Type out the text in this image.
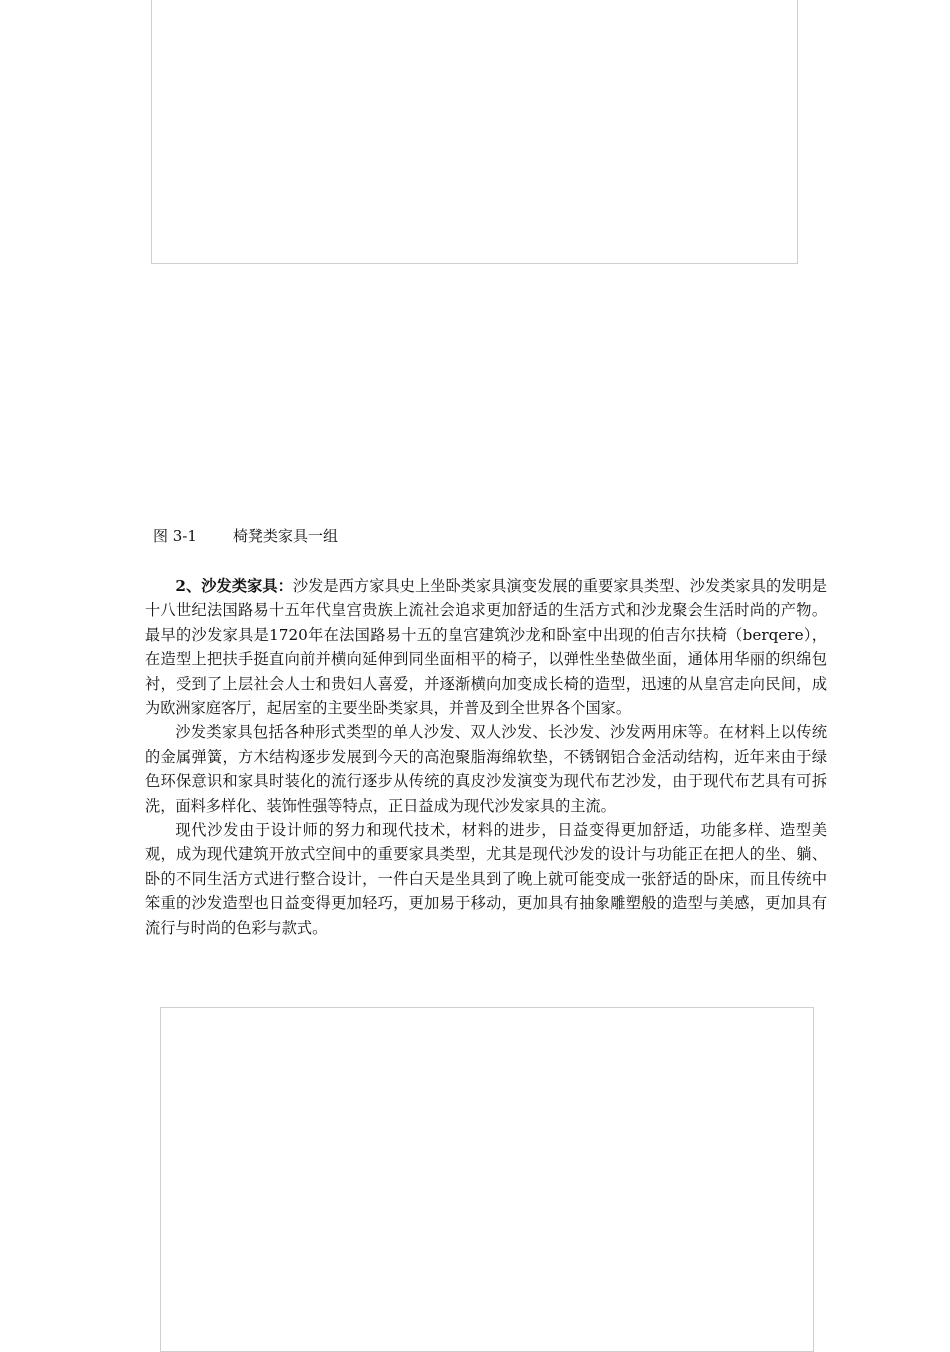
图 3-1 椅凳类家具一组

2、沙发类家具：沙发是西方家具史上坐卧类家具演变发展的重要家具类型、沙发类家具的发明是十八世纪法国路易十五年代皇宫贵族上流社会追求更加舒适的生活方式和沙龙聚会生活时尚的产物。最早的沙发家具是1720年在法国路易十五的皇宫建筑沙龙和卧室中出现的伯吉尔扶椅（berqere），在造型上把扶手挺直向前并横向延伸到同坐面相平的椅子，以弹性坐垫做坐面，通体用华丽的织绵包衬，受到了上层社会人士和贵妇人喜爱，并逐渐横向加变成长椅的造型，迅速的从皇宫走向民间，成为欧洲家庭客厅，起居室的主要坐卧类家具，并普及到全世界各个国家。

沙发类家具包括各种形式类型的单人沙发、双人沙发、长沙发、沙发两用床等。在材料上以传统的金属弹簧，方木结构逐步发展到今天的高泡聚脂海绵软垫，不锈钢铝合金活动结构，近年来由于绿色环保意识和家具时装化的流行逐步从传统的真皮沙发演变为现代布艺沙发，由于现代布艺具有可拆洗，面料多样化、装饰性强等特点，正日益成为现代沙发家具的主流。

现代沙发由于设计师的努力和现代技术，材料的进步，日益变得更加舒适，功能多样、造型美观，成为现代建筑开放式空间中的重要家具类型，尤其是现代沙发的设计与功能正在把人的坐、躺、卧的不同生活方式进行整合设计，一件白天是坐具到了晚上就可能变成一张舒适的卧床，而且传统中笨重的沙发造型也日益变得更加轻巧，更加易于移动，更加具有抽象雕塑般的造型与美感，更加具有流行与时尚的色彩与款式。
